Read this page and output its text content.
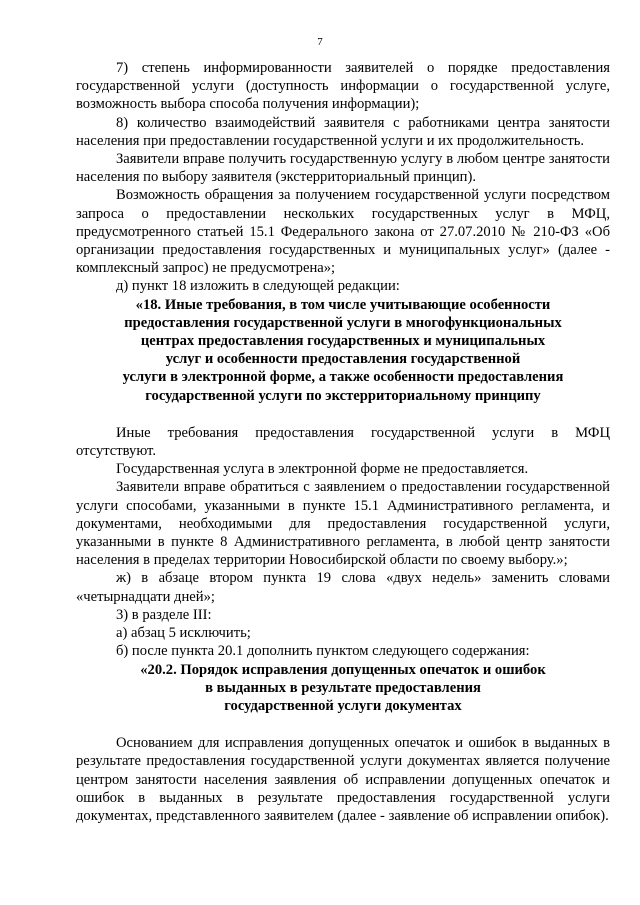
7

7) степень информированности заявителей о порядке предоставления государственной услуги (доступность информации о государственной услуге, возможность выбора способа получения информации);

8) количество взаимодействий заявителя с работниками центра занятости населения при предоставлении государственной услуги и их продолжительность.

Заявители вправе получить государственную услугу в любом центре занятости населения по выбору заявителя (экстерриториальный принцип).

Возможность обращения за получением государственной услуги посредством запроса о предоставлении нескольких государственных услуг в МФЦ, предусмотренного статьей 15.1 Федерального закона от 27.07.2010 № 210-ФЗ «Об организации предоставления государственных и муниципальных услуг» (далее - комплексный запрос) не предусмотрена»;

д) пункт 18 изложить в следующей редакции:

«18. Иные требования, в том числе учитывающие особенности

предоставления государственной услуги в многофункциональных

центрах предоставления государственных и муниципальных

услуг и особенности предоставления государственной

услуги в электронной форме, а также особенности предоставления

государственной услуги по экстерриториальному принципу

Иные требования предоставления государственной услуги в МФЦ отсутствуют.

Государственная услуга в электронной форме не предоставляется.

Заявители вправе обратиться с заявлением о предоставлении государственной услуги способами, указанными в пункте 15.1 Административного регламента, и документами, необходимыми для предоставления государственной услуги, указанными в пункте 8 Административного регламента, в любой центр занятости населения в пределах территории Новосибирской области по своему выбору.»;

ж) в абзаце втором пункта 19 слова «двух недель» заменить словами «четырнадцати дней»;

3) в разделе III:

а) абзац 5 исключить;

б) после пункта 20.1 дополнить пунктом следующего содержания:

«20.2. Порядок исправления допущенных опечаток и ошибок

в выданных в результате предоставления

государственной услуги документах

Основанием для исправления допущенных опечаток и ошибок в выданных в результате предоставления государственной услуги документах является получение центром занятости населения заявления об исправлении допущенных опечаток и ошибок в выданных в результате предоставления государственной услуги документах, представленного заявителем (далее - заявление об исправлении опибок).
